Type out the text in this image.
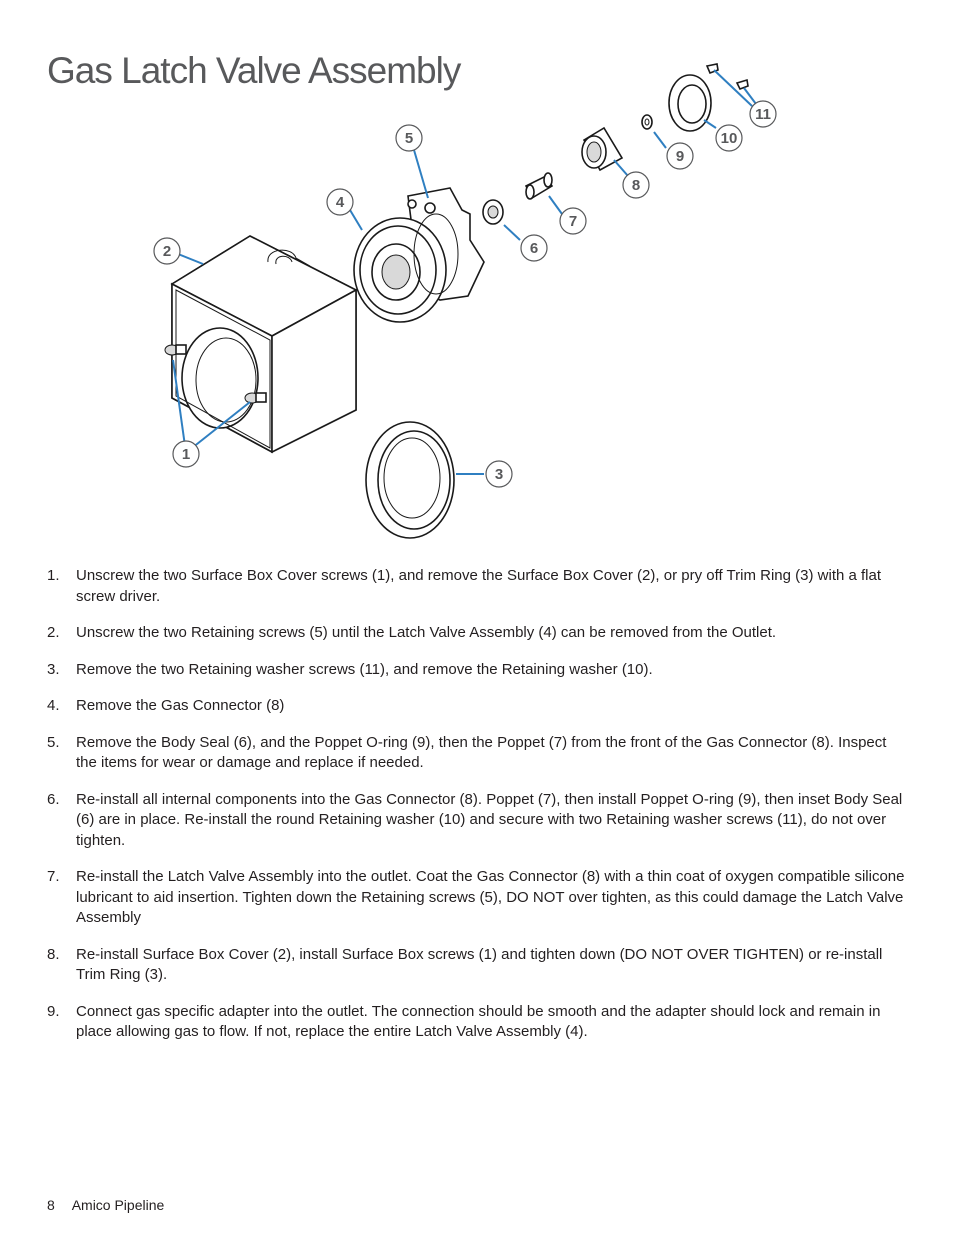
Gas Latch Valve Assembly
1
2
3
4
5
6
7
8
9
10
11
1. Unscrew the two Surface Box Cover screws (1), and remove the Surface Box Cover (2), or pry off Trim Ring (3) with a flat screw driver.
2. Unscrew the two Retaining screws (5) until the Latch Valve Assembly (4) can be removed from the Outlet.
3. Remove the two Retaining washer screws (11), and remove the Retaining washer (10).
4. Remove the Gas Connector (8)
5. Remove the Body Seal (6), and the Poppet O-ring (9), then the Poppet (7) from the front of the Gas Connector (8). Inspect the items for wear or damage and replace if needed.
6. Re-install all internal components into the Gas Connector (8). Poppet (7), then install Poppet O-ring (9), then inset Body Seal (6) are in place. Re-install the round Retaining washer (10) and secure with two Retaining washer screws (11), do not over tighten.
7. Re-install the Latch Valve Assembly into the outlet. Coat the Gas Connector (8) with a thin coat of oxygen compatible silicone lubricant to aid insertion. Tighten down the Retaining screws (5), DO NOT over tighten, as this could damage the Latch Valve Assembly
8. Re-install Surface Box Cover (2), install Surface Box screws (1) and tighten down (DO NOT OVER TIGHTEN) or re-install Trim Ring (3).
9. Connect gas specific adapter into the outlet. The connection should be smooth and the adapter should lock and remain in place allowing gas to flow. If not, replace the entire Latch Valve Assembly (4).
8 Amico Pipeline
